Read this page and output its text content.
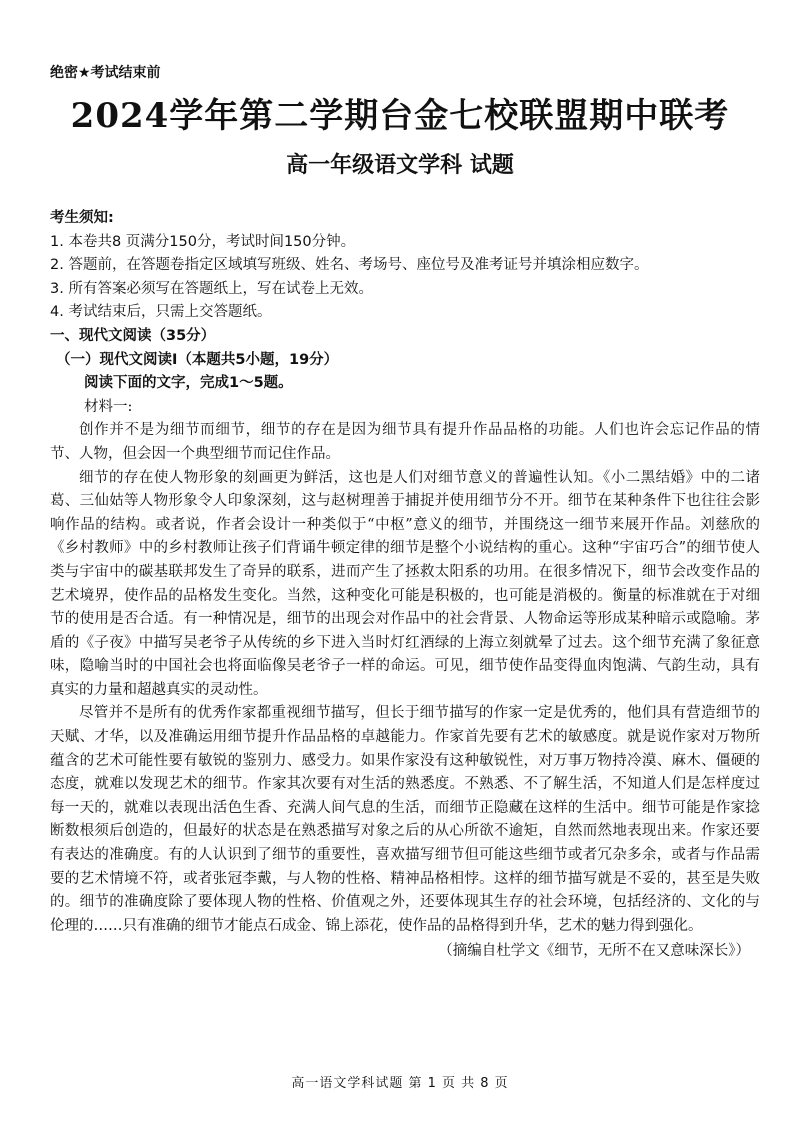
绝密★考试结束前
2024学年第二学期台金七校联盟期中联考
高一年级语文学科 试题
考生须知:
1. 本卷共8 页满分150分，考试时间150分钟。
2. 答题前，在答题卷指定区域填写班级、姓名、考场号、座位号及准考证号并填涂相应数字。
3. 所有答案必须写在答题纸上，写在试卷上无效。
4. 考试结束后，只需上交答题纸。
一、现代文阅读（35分）
（一）现代文阅读Ⅰ（本题共5小题，19分）
阅读下面的文字，完成1～5题。
材料一:

创作并不是为细节而细节，细节的存在是因为细节具有提升作品品格的功能。人们也许会忘记作品的情节、人物，但会因一个典型细节而记住作品。

细节的存在使人物形象的刻画更为鲜活，这也是人们对细节意义的普遍性认知。《小二黑结婚》中的二诸葛、三仙姑等人物形象令人印象深刻，这与赵树理善于捕捉并使用细节分不开。细节在某种条件下也往往会影响作品的结构。或者说，作者会设计一种类似于“中枢”意义的细节，并围绕这一细节来展开作品。刘慈欣的《乡村教师》中的乡村教师让孩子们背诵牛顿定律的细节是整个小说结构的重心。这种“宇宙巧合”的细节使人类与宇宙中的碳基联邦发生了奇异的联系，进而产生了拯救太阳系的功用。在很多情况下，细节会改变作品的艺术境界，使作品的品格发生变化。当然，这种变化可能是积极的，也可能是消极的。衡量的标准就在于对细节的使用是否合适。有一种情况是，细节的出现会对作品中的社会背景、人物命运等形成某种暗示或隐喻。茅盾的《子夜》中描写吴老爷子从传统的乡下进入当时灯红酒绿的上海立刻就晕了过去。这个细节充满了象征意味，隐喻当时的中国社会也将面临像吴老爷子一样的命运。可见，细节使作品变得血肉饱满、气韵生动，具有真实的力量和超越真实的灵动性。

尽管并不是所有的优秀作家都重视细节描写，但长于细节描写的作家一定是优秀的，他们具有营造细节的天赋、才华，以及准确运用细节提升作品品格的卓越能力。作家首先要有艺术的敏感度。就是说作家对万物所蕴含的艺术可能性要有敏锐的鉴别力、感受力。如果作家没有这种敏锐性，对万事万物持冷漠、麻木、僵硬的态度，就难以发现艺术的细节。作家其次要有对生活的熟悉度。不熟悉、不了解生活，不知道人们是怎样度过每一天的，就难以表现出活色生香、充满人间气息的生活，而细节正隐藏在这样的生活中。细节可能是作家捻断数根须后创造的，但最好的状态是在熟悉描写对象之后的从心所欲不逾矩，自然而然地表现出来。作家还要有表达的准确度。有的人认识到了细节的重要性，喜欢描写细节但可能这些细节或者冗杂多余，或者与作品需要的艺术情境不符，或者张冠李戴，与人物的性格、精神品格相悖。这样的细节描写就是不妥的，甚至是失败的。细节的准确度除了要体现人物的性格、价值观之外，还要体现其生存的社会环境，包括经济的、文化的与伦理的……只有准确的细节才能点石成金、锦上添花，使作品的品格得到升华，艺术的魅力得到强化。

（摘编自杜学文《细节，无所不在又意味深长》）
高一语文学科试题 第 1 页 共 8 页
